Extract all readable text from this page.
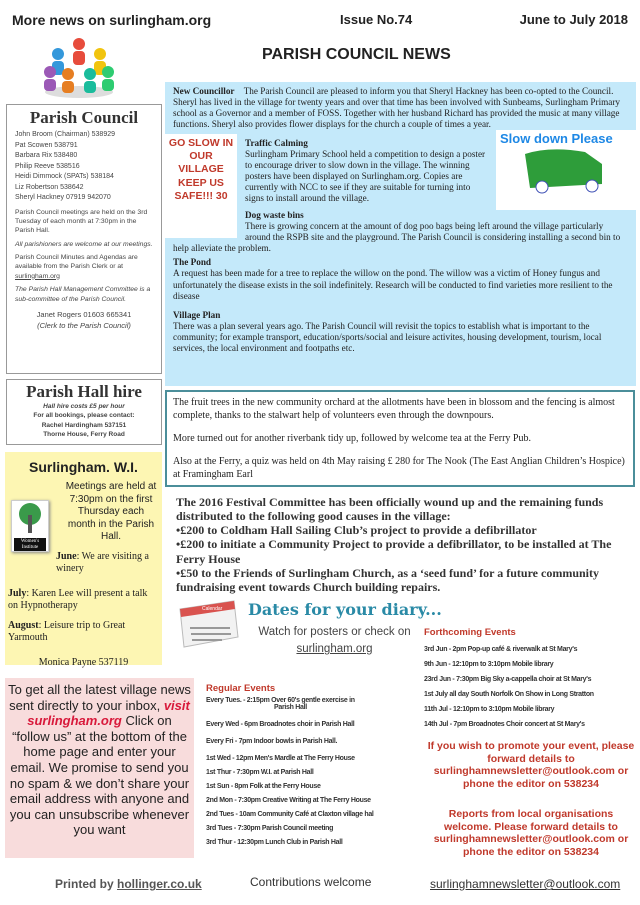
More news on surlingham.org	Issue No.74	June to July 2018
PARISH COUNCIL NEWS
Parish Council
John Broom (Chairman) 538929
Pat Scowen 538791
Barbara Rix 538480
Philip Reeve 538516
Heidi Dimmock (SPATs) 538184
Liz Robertson 538642
Sheryl Hackney 07919 942070

Parish Council meetings are held on the 3rd Tuesday of each month at 7:30pm in the Parish Hall.

All parishioners are welcome at our meetings.

Parish Council Minutes and Agendas are available from the Parish Clerk or at surlingham.org

The Parish Hall Management Committee is a sub-committee of the Parish Council.

Janet Rogers 01603 665341
(Clerk to the Parish Council)
Parish Hall hire
Hall hire costs £5 per hour
For all bookings, please contact:
Rachel Hardingham 537151
Thorne House, Ferry Road
Surlingham. W.I.
Women's Institute
Meetings are held at 7:30pm on the first Thursday each month in the Parish Hall.

June: We are visiting a winery

July: Karen Lee will present a talk on Hypnotherapy

August: Leisure trip to Great Yarmouth

Monica Payne 537119

To get all the latest village news sent directly to your inbox, visit surlingham.org Click on “follow us” at the bottom of the home page and enter your email. We promise to send you no spam & we don’t share your email address with anyone and you can unsubscribe whenever you want
New Councillor The Parish Council are pleased to inform you that Sheryl Hackney has been co-opted to the Council. Sheryl has lived in the village for twenty years and over that time has been involved with Sunbeams, Surlingham Primary school as a Governor and a member of FOSS. Together with her husband Richard has provided the music at many village functions. Sheryl also provides flower displays for the church a couple of times a year.
GO SLOW IN OUR VILLAGE KEEP US SAFE!!! 30
Slow down Please
Traffic Calming
Surlingham Primary School held a competition to design a poster to encourage driver to slow down in the village. The winning posters have been displayed on Surlingham.org. Copies are currently with NCC to see if they are suitable for turning into signs to install around the village.
Dog waste bins
There is growing concern at the amount of dog poo bags being left around the village particularly around the RSPB site and the playground. The Parish Council is considering installing a second bin to help alleviate the problem.
The Pond
A request has been made for a tree to replace the willow on the pond. The willow was a victim of Honey fungus and unfortunately the disease exists in the soil indefinitely. Research will be conducted to find varieties more resilient to the disease
Village Plan
There was a plan several years ago. The Parish Council will revisit the topics to establish what is important to the community; for example transport, education/sports/social and leisure activites, housing development, tourism, local services, the local environment and footpaths etc.

The fruit trees in the new community orchard at the allotments have been in blossom and the fencing is almost complete, thanks to the stalwart help of volunteers even through the downpours.

More turned out for another riverbank tidy up, followed by welcome tea at the Ferry Pub.

Also at the Ferry, a quiz was held on 4th May raising £ 280 for The Nook (The East Anglian Children’s Hospice) at Framingham Earl

The 2016 Festival Committee has been officially wound up and the remaining funds distributed to the following good causes in the village:
•£200 to Coldham Hall Sailing Club’s project to provide a defibrillator
•£200 to initiate a Community Project to provide a defibrillator, to be installed at The Ferry House
•£50 to the Friends of Surlingham Church, as a ‘seed fund’ for a future community fundraising event towards Church building repairs.
Calendar Dates for your diary...
Watch for posters or check on
surlingham.org
Forthcoming Events
3rd Jun - 2pm Pop-up café & riverwalk at St Mary's
9th Jun - 12:10pm to 3:10pm Mobile library
23rd Jun - 7:30pm Big Sky a-cappella choir at St Mary's
1st July all day South Norfolk On Show in Long Stratton
11th Jul - 12:10pm to 3:10pm Mobile library
14th Jul - 7pm Broadnotes Choir concert at St Mary's
Regular Events
Every Tues. - 2:15pm Over 60's gentle exercise in
Parish Hall
Every Wed - 6pm Broadnotes choir in Parish Hall
Every Fri - 7pm Indoor bowls in Parish Hall.
1st Wed - 12pm Men's Mardle at The Ferry House
1st Thur - 7:30pm W.I. at Parish Hall
1st Sun - 8pm Folk at the Ferry House
2nd Mon - 7:30pm Creative Writing at The Ferry House
2nd Tues - 10am Community Café at Claxton village hal
3rd Tues - 7:30pm Parish Council meeting
3rd Thur - 12:30pm Lunch Club in Parish Hall
If you wish to promote your event, please forward details to surlinghamnewsletter@outlook.com or phone the editor on 538234
Reports from local organisations welcome. Please forward details to surlinghamnewsletter@outlook.com or phone the editor on 538234
Printed by hollinger.co.uk	Contributions welcome	surlinghamnewsletter@outlook.com
